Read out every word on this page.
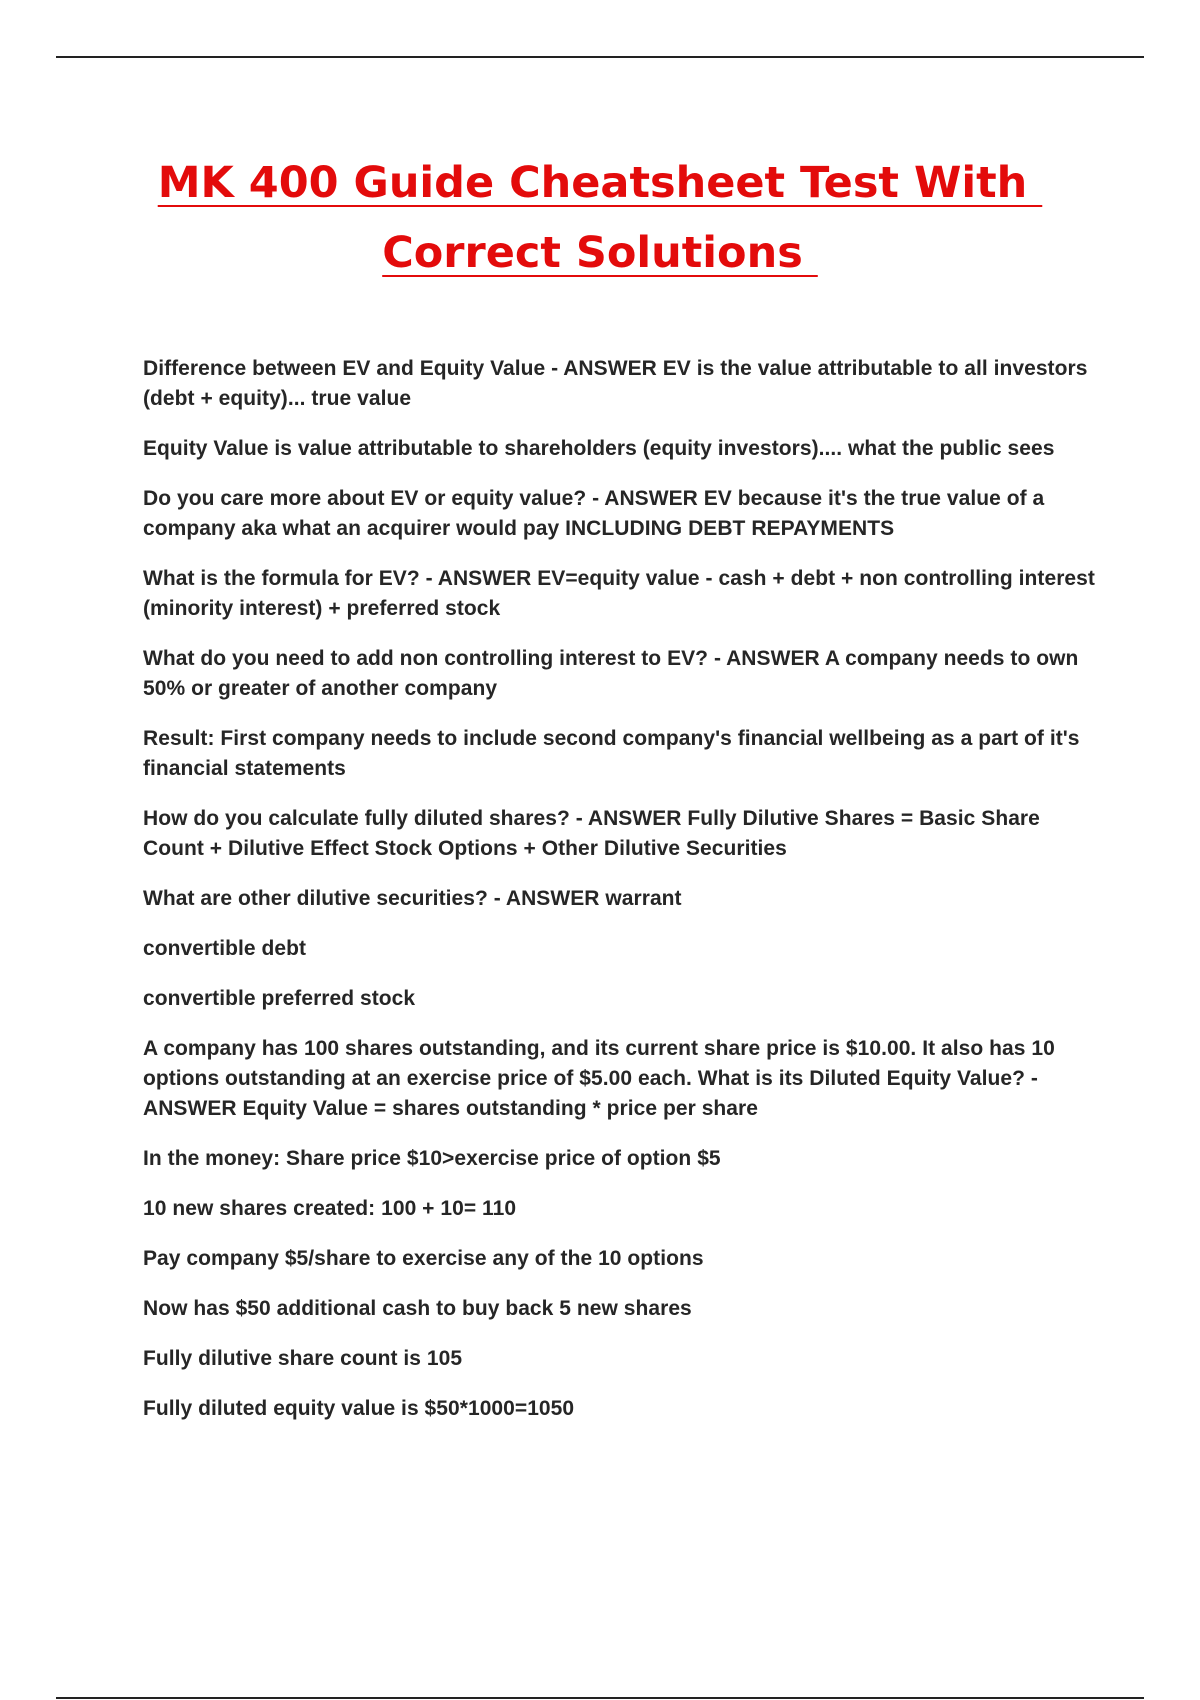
MK 400 Guide Cheatsheet Test With
Correct Solutions

Difference between EV and Equity Value - ANSWER EV is the value attributable to all investors (debt + equity)... true value

Equity Value is value attributable to shareholders (equity investors).... what the public sees

Do you care more about EV or equity value? - ANSWER EV because it's the true value of a company aka what an acquirer would pay INCLUDING DEBT REPAYMENTS

What is the formula for EV? - ANSWER EV=equity value - cash + debt + non controlling interest (minority interest) + preferred stock

What do you need to add non controlling interest to EV? - ANSWER A company needs to own 50% or greater of another company

Result: First company needs to include second company's financial wellbeing as a part of it's financial statements

How do you calculate fully diluted shares? - ANSWER Fully Dilutive Shares = Basic Share Count + Dilutive Effect Stock Options + Other Dilutive Securities

What are other dilutive securities? - ANSWER warrant

convertible debt

convertible preferred stock

A company has 100 shares outstanding, and its current share price is $10.00. It also has 10 options outstanding at an exercise price of $5.00 each. What is its Diluted Equity Value? - ANSWER Equity Value = shares outstanding * price per share

In the money: Share price $10>exercise price of option $5

10 new shares created: 100 + 10= 110

Pay company $5/share to exercise any of the 10 options

Now has $50 additional cash to buy back 5 new shares

Fully dilutive share count is 105

Fully diluted equity value is $50*1000=1050
